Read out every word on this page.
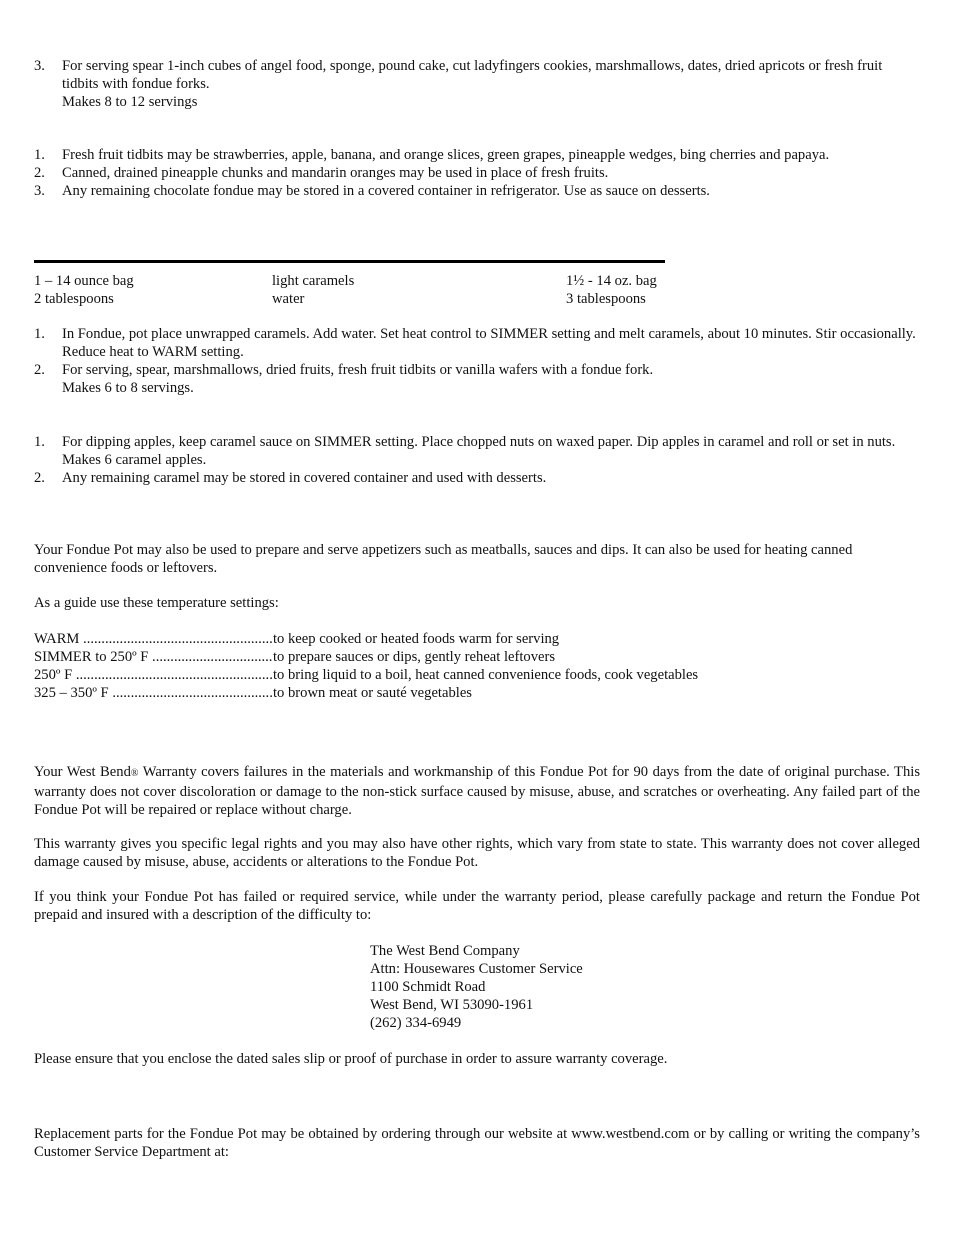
3. For serving spear 1-inch cubes of angel food, sponge, pound cake, cut ladyfingers cookies, marshmallows, dates, dried apricots or fresh fruit tidbits with fondue forks.
Makes 8 to 12 servings
1. Fresh fruit tidbits may be strawberries, apple, banana, and orange slices, green grapes, pineapple wedges, bing cherries and papaya.
2. Canned, drained pineapple chunks and mandarin oranges may be used in place of fresh fruits.
3. Any remaining chocolate fondue may be stored in a covered container in refrigerator. Use as sauce on desserts.
1 – 14 ounce bag	light caramels	1½ - 14 oz. bag
2 tablespoons	water	3 tablespoons
1. In Fondue, pot place unwrapped caramels. Add water. Set heat control to SIMMER setting and melt caramels, about 10 minutes. Stir occasionally. Reduce heat to WARM setting.
2. For serving, spear, marshmallows, dried fruits, fresh fruit tidbits or vanilla wafers with a fondue fork.
Makes 6 to 8 servings.
1. For dipping apples, keep caramel sauce on SIMMER setting. Place chopped nuts on waxed paper. Dip apples in caramel and roll or set in nuts. Makes 6 caramel apples.
2. Any remaining caramel may be stored in covered container and used with desserts.
Your Fondue Pot may also be used to prepare and serve appetizers such as meatballs, sauces and dips. It can also be used for heating canned convenience foods or leftovers.
As a guide use these temperature settings:
WARM .....	to keep cooked or heated foods warm for serving
SIMMER to 250º F .....	to prepare sauces or dips, gently reheat leftovers
250º F .....	to bring liquid to a boil, heat canned convenience foods, cook vegetables
325 – 350º F .....	to brown meat or sauté vegetables
Your West Bend® Warranty covers failures in the materials and workmanship of this Fondue Pot for 90 days from the date of original purchase. This warranty does not cover discoloration or damage to the non-stick surface caused by misuse, abuse, and scratches or overheating. Any failed part of the Fondue Pot will be repaired or replace without charge.
This warranty gives you specific legal rights and you may also have other rights, which vary from state to state. This warranty does not cover alleged damage caused by misuse, abuse, accidents or alterations to the Fondue Pot.
If you think your Fondue Pot has failed or required service, while under the warranty period, please carefully package and return the Fondue Pot prepaid and insured with a description of the difficulty to:
The West Bend Company
Attn: Housewares Customer Service
1100 Schmidt Road
West Bend, WI 53090-1961
(262) 334-6949
Please ensure that you enclose the dated sales slip or proof of purchase in order to assure warranty coverage.
Replacement parts for the Fondue Pot may be obtained by ordering through our website at www.westbend.com or by calling or writing the company’s Customer Service Department at:
